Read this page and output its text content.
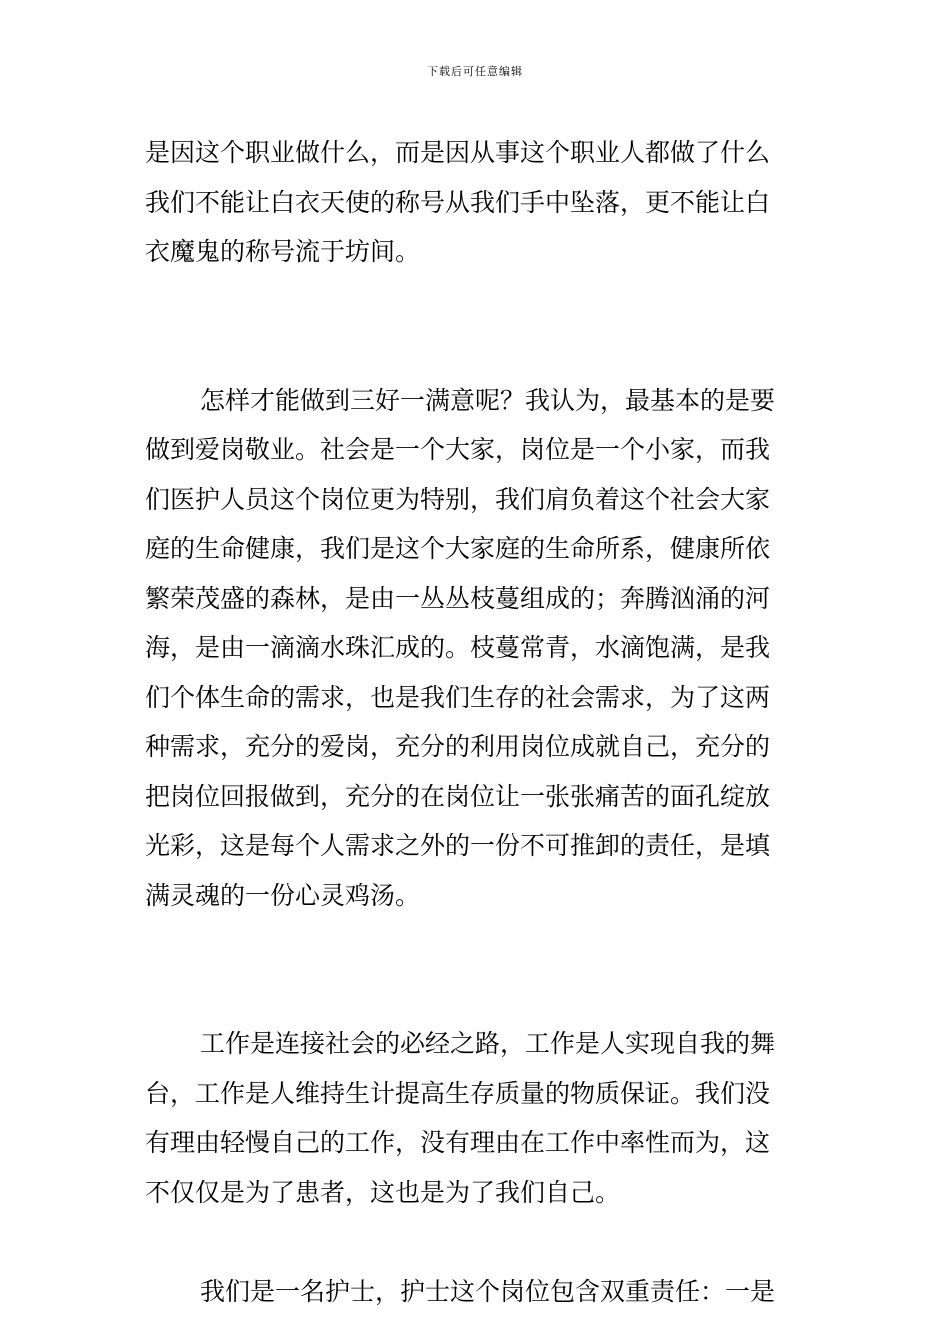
下载后可任意编辑
是因这个职业做什么，而是因从事这个职业人都做了什么
我们不能让白衣天使的称号从我们手中坠落，更不能让白
衣魔鬼的称号流于坊间。
怎样才能做到三好一满意呢？我认为，最基本的是要
做到爱岗敬业。社会是一个大家，岗位是一个小家，而我
们医护人员这个岗位更为特别，我们肩负着这个社会大家
庭的生命健康，我们是这个大家庭的生命所系，健康所依
繁荣茂盛的森林，是由一丛丛枝蔓组成的；奔腾汹涌的河
海，是由一滴滴水珠汇成的。枝蔓常青，水滴饱满，是我
们个体生命的需求，也是我们生存的社会需求，为了这两
种需求，充分的爱岗，充分的利用岗位成就自己，充分的
把岗位回报做到，充分的在岗位让一张张痛苦的面孔绽放
光彩，这是每个人需求之外的一份不可推卸的责任，是填
满灵魂的一份心灵鸡汤。
工作是连接社会的必经之路，工作是人实现自我的舞
台，工作是人维持生计提高生存质量的物质保证。我们没
有理由轻慢自己的工作，没有理由在工作中率性而为，这
不仅仅是为了患者，这也是为了我们自己。
我们是一名护士，护士这个岗位包含双重责任：一是
